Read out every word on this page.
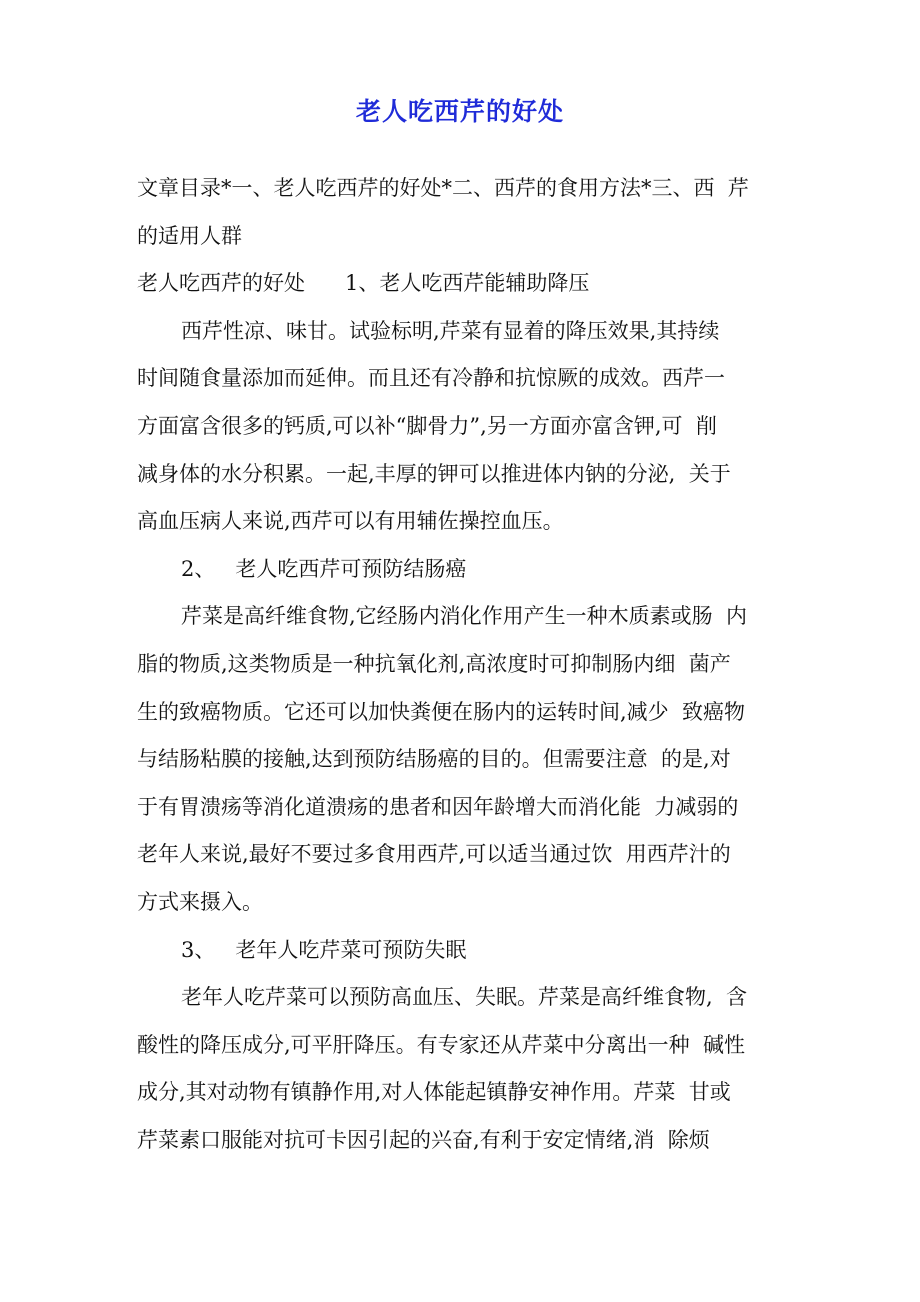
老人吃西芹的好处
文章目录*一、老人吃西芹的好处*二、西芹的食用方法*三、西  芹
的适用人群
老人吃西芹的好处      1、老人吃西芹能辅助降压
西芹性凉、味甘。试验标明,芹菜有显着的降压效果,其持续
时间随食量添加而延伸。而且还有冷静和抗惊厥的成效。西芹一
方面富含很多的钙质,可以补“脚骨力”,另一方面亦富含钾,可  削
减身体的水分积累。一起,丰厚的钾可以推进体内钠的分泌,  关于
高血压病人来说,西芹可以有用辅佐操控血压。
2、   老人吃西芹可预防结肠癌
芹菜是高纤维食物,它经肠内消化作用产生一种木质素或肠  内
脂的物质,这类物质是一种抗氧化剂,高浓度时可抑制肠内细  菌产
生的致癌物质。它还可以加快粪便在肠内的运转时间,减少  致癌物
与结肠粘膜的接触,达到预防结肠癌的目的。但需要注意  的是,对
于有胃溃疡等消化道溃疡的患者和因年龄增大而消化能  力减弱的
老年人来说,最好不要过多食用西芹,可以适当通过饮  用西芹汁的
方式来摄入。
3、   老年人吃芹菜可预防失眠
老年人吃芹菜可以预防高血压、失眠。芹菜是高纤维食物,  含
酸性的降压成分,可平肝降压。有专家还从芹菜中分离出一种  碱性
成分,其对动物有镇静作用,对人体能起镇静安神作用。芹菜  甘或
芹菜素口服能对抗可卡因引起的兴奋,有利于安定情绪,消  除烦
